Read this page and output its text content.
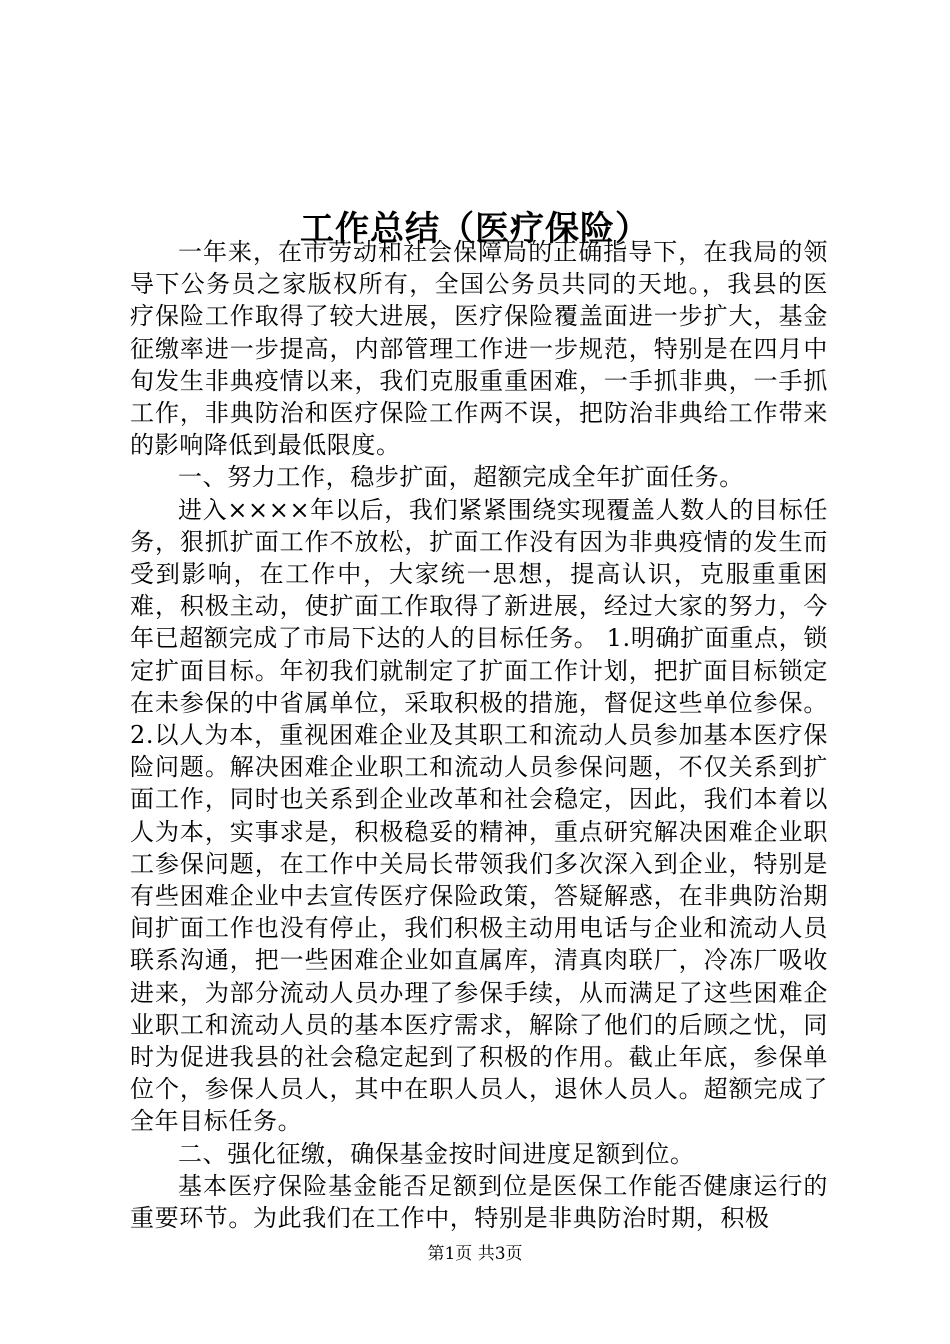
工作总结（医疗保险）

一年来，在市劳动和社会保障局的正确指导下，在我局的领导下公务员之家版权所有，全国公务员共同的天地。，我县的医疗保险工作取得了较大进展，医疗保险覆盖面进一步扩大，基金征缴率进一步提高，内部管理工作进一步规范，特别是在四月中旬发生非典疫情以来，我们克服重重困难，一手抓非典，一手抓工作，非典防治和医疗保险工作两不误，把防治非典给工作带来的影响降低到最低限度。

一、努力工作，稳步扩面，超额完成全年扩面任务。

进入××××年以后，我们紧紧围绕实现覆盖人数人的目标任务，狠抓扩面工作不放松，扩面工作没有因为非典疫情的发生而受到影响，在工作中，大家统一思想，提高认识，克服重重困难，积极主动，使扩面工作取得了新进展，经过大家的努力，今年已超额完成了市局下达的人的目标任务。 1.明确扩面重点，锁定扩面目标。年初我们就制定了扩面工作计划，把扩面目标锁定在未参保的中省属单位，采取积极的措施，督促这些单位参保。 2.以人为本，重视困难企业及其职工和流动人员参加基本医疗保险问题。解决困难企业职工和流动人员参保问题，不仅关系到扩面工作，同时也关系到企业改革和社会稳定，因此，我们本着以人为本，实事求是，积极稳妥的精神，重点研究解决困难企业职工参保问题，在工作中关局长带领我们多次深入到企业，特别是有些困难企业中去宣传医疗保险政策，答疑解惑，在非典防治期间扩面工作也没有停止，我们积极主动用电话与企业和流动人员联系沟通，把一些困难企业如直属库，清真肉联厂，冷冻厂吸收进来，为部分流动人员办理了参保手续，从而满足了这些困难企业职工和流动人员的基本医疗需求，解除了他们的后顾之忧，同时为促进我县的社会稳定起到了积极的作用。截止年底，参保单位个，参保人员人，其中在职人员人，退休人员人。超额完成了全年目标任务。

二、强化征缴，确保基金按时间进度足额到位。

基本医疗保险基金能否足额到位是医保工作能否健康运行的重要环节。为此我们在工作中，特别是非典防治时期，积极

第1页 共3页
